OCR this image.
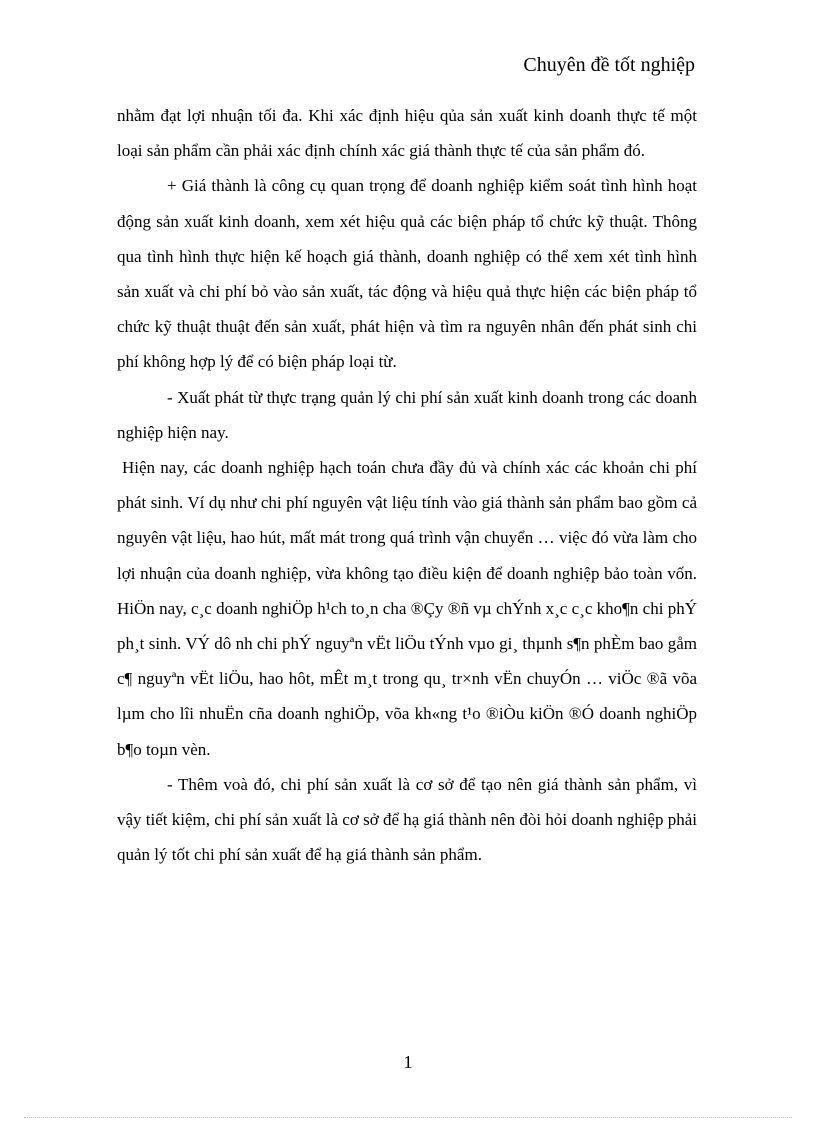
Chuyên đề tốt nghiệp

nhằm đạt lợi nhuận tối đa. Khi xác định hiệu qủa sản xuất kinh doanh thực tế một loại sản phẩm cần phải xác định chính xác giá thành thực tế của sản phẩm đó.

+ Giá thành là công cụ quan trọng để doanh nghiệp kiểm soát tình hình hoạt động sản xuất kinh doanh, xem xét hiệu quả các biện pháp tổ chức kỹ thuật. Thông qua tình hình thực hiện kế hoạch giá thành, doanh nghiệp có thể xem xét tình hình sản xuất và chi phí bỏ vào sản xuất, tác động và hiệu quả thực hiện các biện pháp tổ chức kỹ thuật thuật đến sản xuất, phát hiện và tìm ra nguyên nhân đến phát sinh chi phí không hợp lý để có biện pháp loại từ.

- Xuất phát từ thực trạng quản lý chi phí sản xuất kinh doanh trong các doanh nghiệp hiện nay.

Hiện nay, các doanh nghiệp hạch toán chưa đầy đủ và chính xác các khoản chi phí phát sinh. Ví dụ như chi phí nguyên vật liệu tính vào giá thành sản phẩm bao gồm cả nguyên vật liệu, hao hút, mất mát trong quá trình vận chuyển … việc đó vừa làm cho lợi nhuận của doanh nghiệp, vừa không tạo điều kiện để doanh nghiệp bảo toàn vốn. HiÖn nay, c¸c doanh nghiÖp h¹ch to¸n cha ®Çy ®ñ vµ chÝnh x¸c c¸c kho¶n chi phÝ ph¸t sinh. VÝ dô nh chi phÝ nguyªn vËt liÖu tÝnh vµo gi¸ thµnh s¶n phÈm bao gåm c¶ nguyªn vËt liÖu, hao hôt, mÊt m¸t trong qu¸ tr×nh vËn chuyÓn … viÖc ®ã võa lµm cho lîi nhuËn cña doanh nghiÖp, võa kh«ng t¹o ®iÒu kiÖn ®Ó doanh nghiÖp b¶o toµn vèn.

- Thêm voà đó, chi phí sản xuất là cơ sở để tạo nên giá thành sản phẩm, vì vậy tiết kiệm, chi phí sản xuất là cơ sở để hạ giá thành nên đòi hỏi doanh nghiệp phải quản lý tốt chi phí sản xuất để hạ giá thành sản phẩm.

1
